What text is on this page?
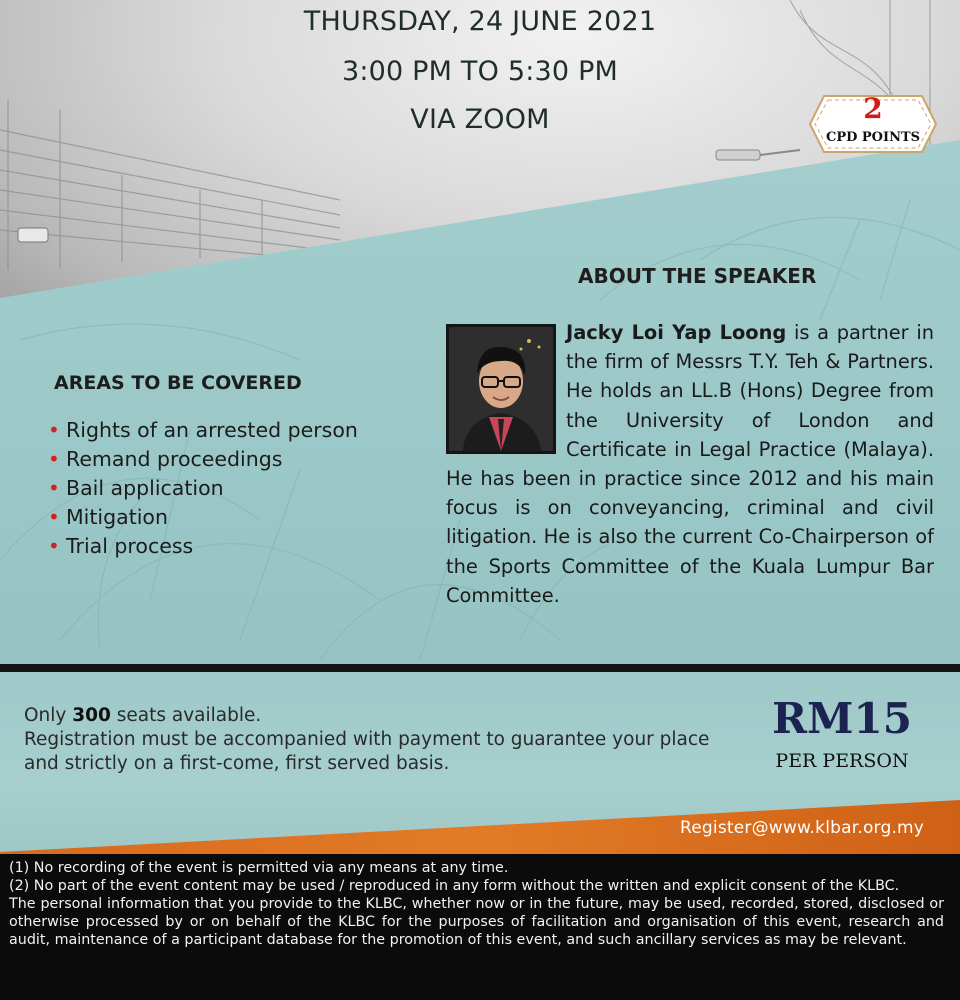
THURSDAY, 24 JUNE 2021
3:00 PM TO 5:30 PM
VIA ZOOM	2
CPD POINTS
ABOUT THE SPEAKER
Jacky Loi Yap Loong is a partner in the firm of Messrs T.Y. Teh & Partners. He holds an LL.B (Hons) Degree from the University of London and Certificate in Legal Practice (Malaya). He has been in practice since 2012 and his main focus is on conveyancing, criminal and civil litigation. He is also the current Co-Chairperson of the Sports Committee of the Kuala Lumpur Bar Committee.
AREAS TO BE COVERED
• Rights of an arrested person
• Remand proceedings
• Bail application
• Mitigation
• Trial process
Only 300 seats available.
Registration must be accompanied with payment to guarantee your place and strictly on a first-come, first served basis.
RM15
PER PERSON
Register@www.klbar.org.my

(1) No recording of the event is permitted via any means at any time.

(2) No part of the event content may be used / reproduced in any form without the written and explicit consent of the KLBC.

The personal information that you provide to the KLBC, whether now or in the future, may be used, recorded, stored, disclosed or otherwise processed by or on behalf of the KLBC for the purposes of facilitation and organisation of this event, research and audit, maintenance of a participant database for the promotion of this event, and such ancillary services as may be relevant.
